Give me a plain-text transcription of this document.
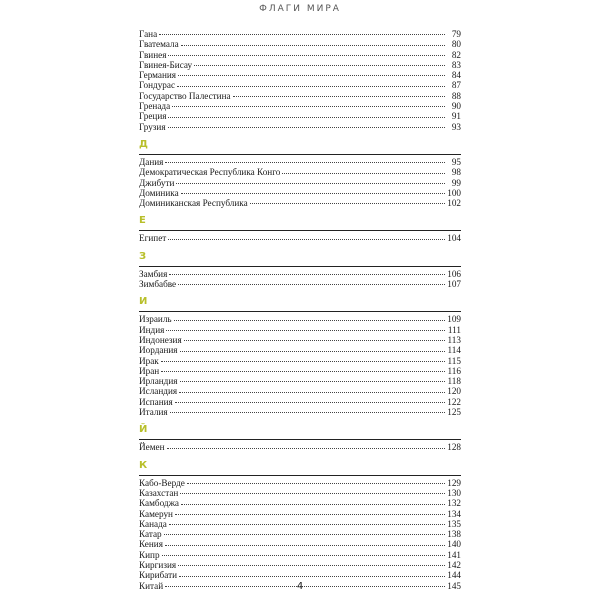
ФЛАГИ МИРА
Гана	79
Гватемала	80
Гвинея	82
Гвинея-Бисау	83
Германия	84
Гондурас	87
Государство Палестина	88
Гренада	90
Греция	91
Грузия	93
Д
Дания	95
Демократическая Республика Конго	98
Джибути	99
Доминика	100
Доминиканская Республика	102
Е
Египет	104
З
Замбия	106
Зимбабве	107
И
Израиль	109
Индия	111
Индонезия	113
Иордания	114
Ирак	115
Иран	116
Ирландия	118
Исландия	120
Испания	122
Италия	125
Й
Йемен	128
К
Кабо-Верде	129
Казахстан	130
Камбоджа	132
Камерун	134
Канада	135
Катар	138
Кения	140
Кипр	141
Киргизия	142
Кирибати	144
Китай	145
4
